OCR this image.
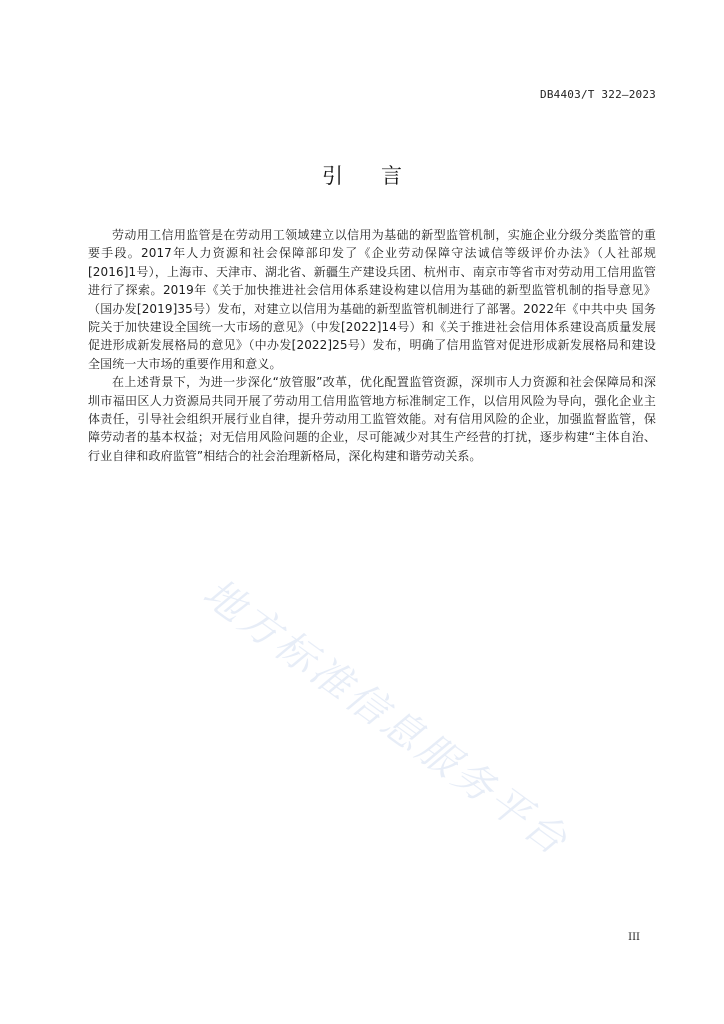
DB4403/T 322—2023
引 言

劳动用工信用监管是在劳动用工领域建立以信用为基础的新型监管机制，实施企业分级分类监管的重要手段。2017年人力资源和社会保障部印发了《企业劳动保障守法诚信等级评价办法》（人社部规[2016]1号），上海市、天津市、湖北省、新疆生产建设兵团、杭州市、南京市等省市对劳动用工信用监管进行了探索。2019年《关于加快推进社会信用体系建设构建以信用为基础的新型监管机制的指导意见》（国办发[2019]35号）发布，对建立以信用为基础的新型监管机制进行了部署。2022年《中共中央 国务院关于加快建设全国统一大市场的意见》（中发[2022]14号）和《关于推进社会信用体系建设高质量发展促进形成新发展格局的意见》（中办发[2022]25号）发布，明确了信用监管对促进形成新发展格局和建设全国统一大市场的重要作用和意义。

在上述背景下，为进一步深化“放管服”改革，优化配置监管资源，深圳市人力资源和社会保障局和深圳市福田区人力资源局共同开展了劳动用工信用监管地方标准制定工作，以信用风险为导向，强化企业主体责任，引导社会组织开展行业自律，提升劳动用工监管效能。对有信用风险的企业，加强监督监管，保障劳动者的基本权益；对无信用风险问题的企业，尽可能减少对其生产经营的打扰，逐步构建“主体自治、行业自律和政府监管”相结合的社会治理新格局，深化构建和谐劳动关系。

地方标准信息服务平台
III
